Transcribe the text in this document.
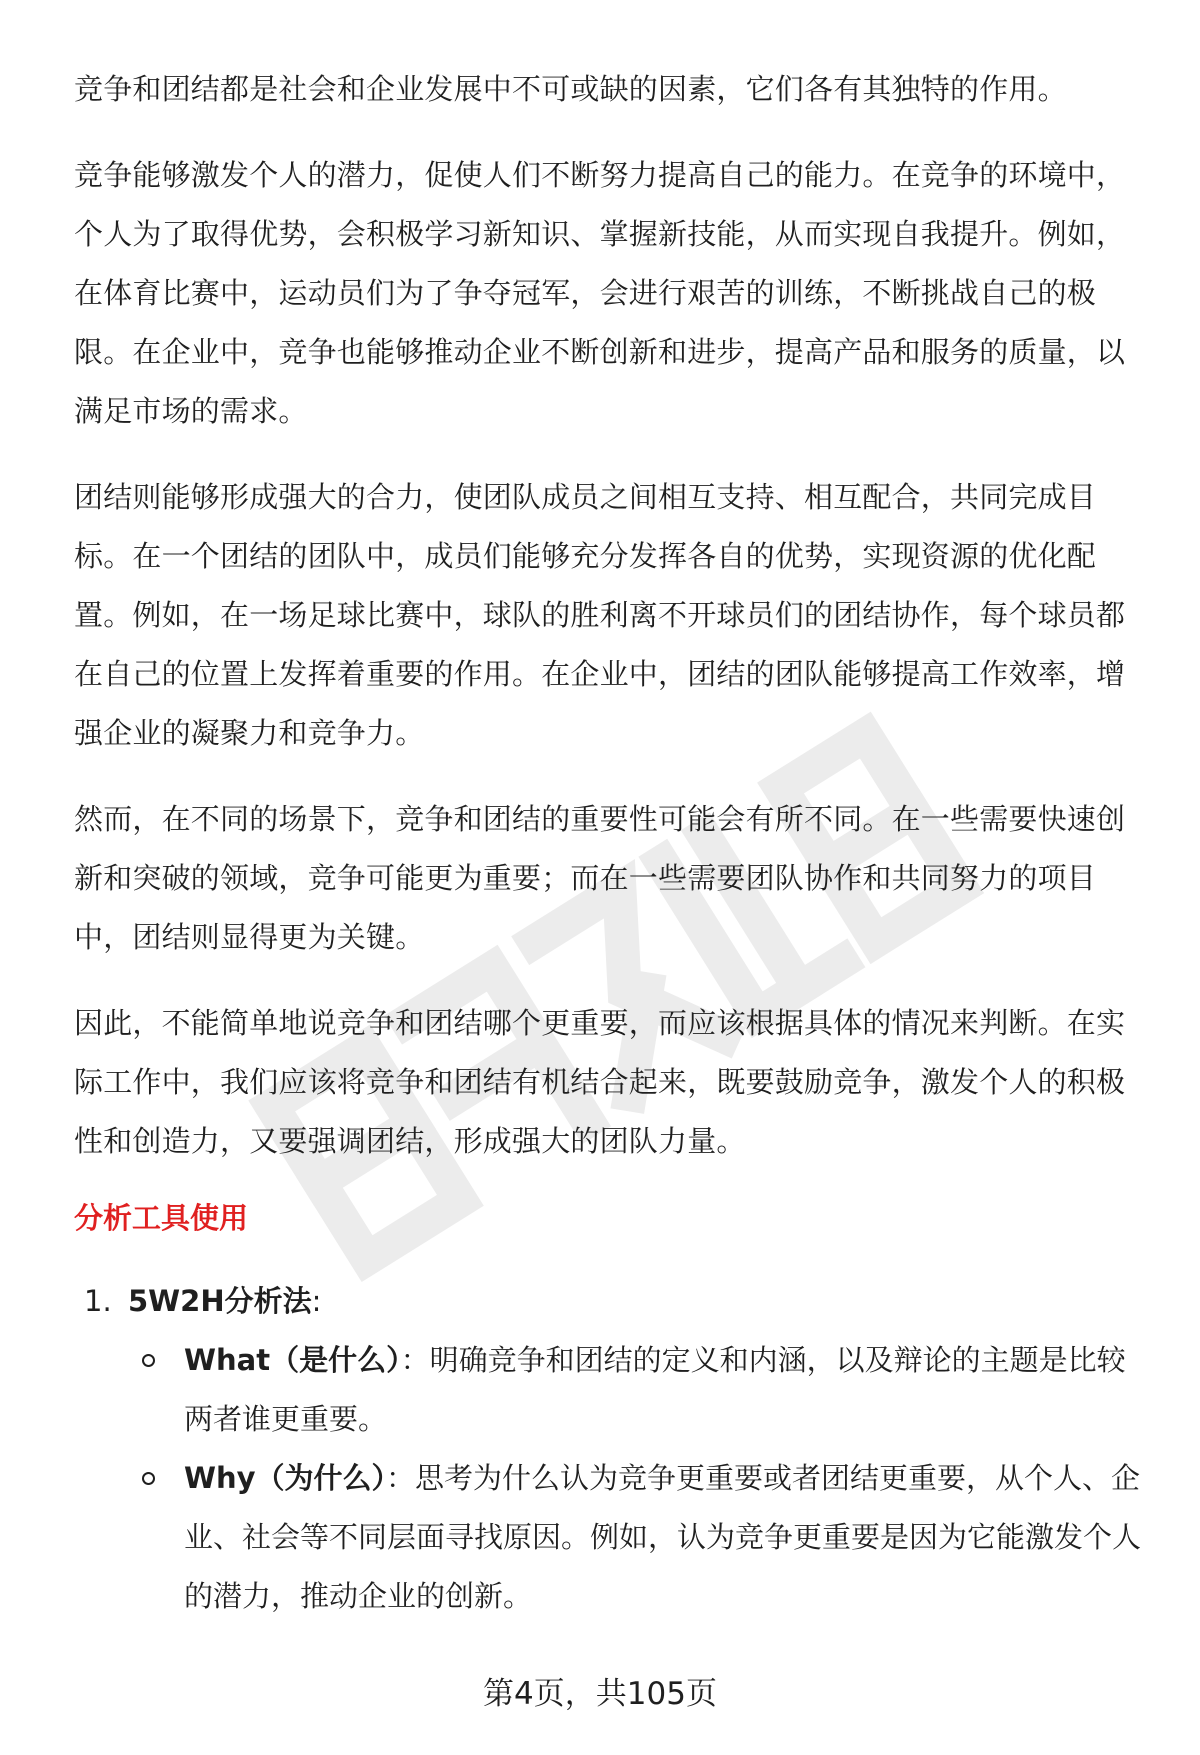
竞争和团结都是社会和企业发展中不可或缺的因素，它们各有其独特的作用。

竞争能够激发个人的潜力，促使人们不断努力提高自己的能力。在竞争的环境中，个人为了取得优势，会积极学习新知识、掌握新技能，从而实现自我提升。例如，在体育比赛中，运动员们为了争夺冠军，会进行艰苦的训练，不断挑战自己的极限。在企业中，竞争也能够推动企业不断创新和进步，提高产品和服务的质量，以满足市场的需求。

团结则能够形成强大的合力，使团队成员之间相互支持、相互配合，共同完成目标。在一个团结的团队中，成员们能够充分发挥各自的优势，实现资源的优化配置。例如，在一场足球比赛中，球队的胜利离不开球员们的团结协作，每个球员都在自己的位置上发挥着重要的作用。在企业中，团结的团队能够提高工作效率，增强企业的凝聚力和竞争力。

然而，在不同的场景下，竞争和团结的重要性可能会有所不同。在一些需要快速创新和突破的领域，竞争可能更为重要；而在一些需要团队协作和共同努力的项目中，团结则显得更为关键。

因此，不能简单地说竞争和团结哪个更重要，而应该根据具体的情况来判断。在实际工作中，我们应该将竞争和团结有机结合起来，既要鼓励竞争，激发个人的积极性和创造力，又要强调团结，形成强大的团队力量。

分析工具使用
1. 5W2H分析法:
What（是什么）：明确竞争和团结的定义和内涵，以及辩论的主题是比较两者谁更重要。
Why（为什么）：思考为什么认为竞争更重要或者团结更重要，从个人、企业、社会等不同层面寻找原因。例如，认为竞争更重要是因为它能激发个人的潜力，推动企业的创新。
第4页，共105页
